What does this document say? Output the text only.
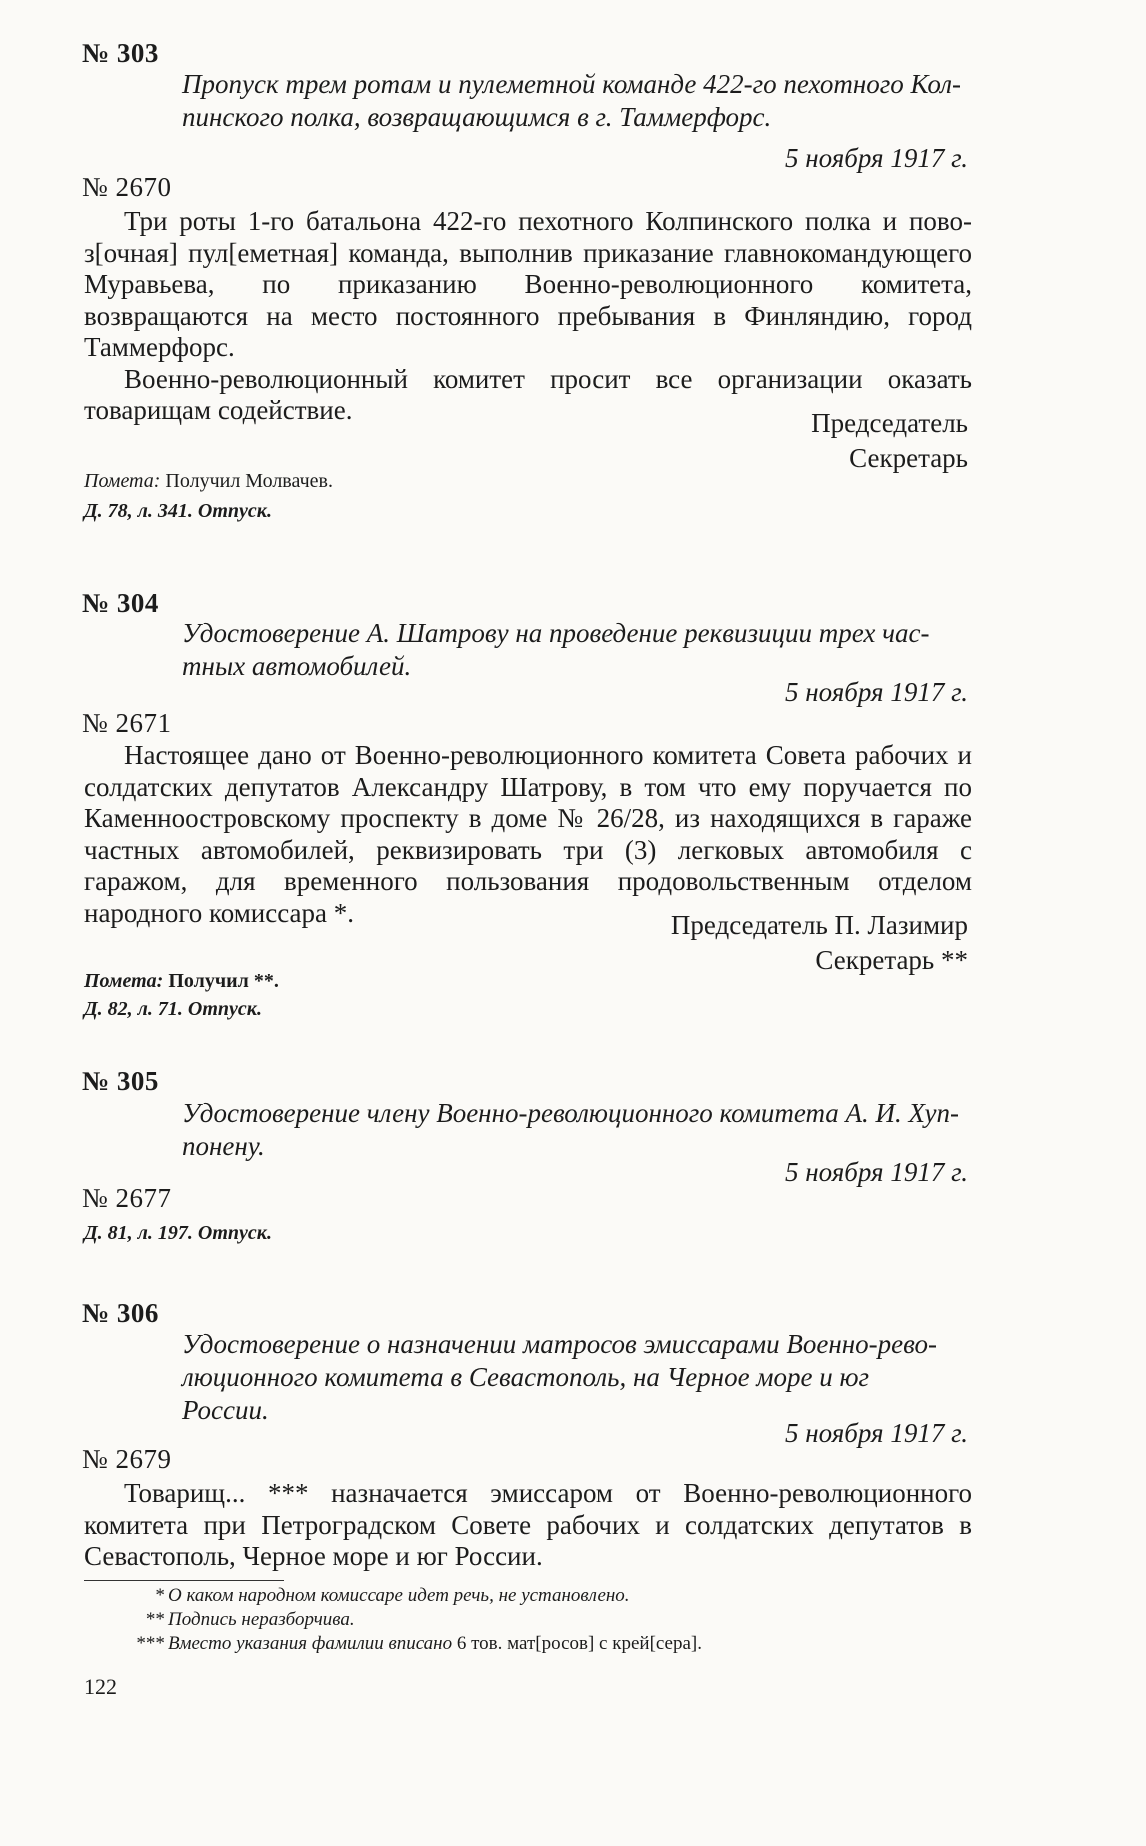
№ 303
Пропуск трем ротам и пулеметной команде 422-го пехотного Кол-
пинского полка, возвращающимся в г. Таммерфорс.
5 ноября 1917 г.
№ 2670

Три роты 1-го батальона 422-го пехотного Колпинского полка и пово-з[очная] пул[еметная] команда, выполнив приказание главнокомандующего Муравьева, по приказанию Военно-революционного комитета, возвращаются на место постоянного пребывания в Финляндию, город Таммерфорс.

Военно-революционный комитет просит все организации оказать товарищам содействие.	Председатель
Секретарь
Помета: Получил Молвачев.
Д. 78, л. 341. Отпуск.
№ 304
Удостоверение А. Шатрову на проведение реквизиции трех час-
тных автомобилей.
5 ноября 1917 г.
№ 2671

Настоящее дано от Военно-революционного комитета Совета рабочих и солдатских депутатов Александру Шатрову, в том что ему поручается по Каменноостровскому проспекту в доме № 26/28, из находящихся в гараже частных автомобилей, реквизировать три (3) легковых автомобиля с гаражом, для временного пользования продовольственным отделом народного комиссара *.	Председатель П. Лазимир
Секретарь **
Пометa: Получил **.
Д. 82, л. 71. Отпуск.
№ 305
Удостоверение члену Военно-революционного комитета А. И. Хуп-
понену.
5 ноября 1917 г.
№ 2677
Д. 81, л. 197. Отпуск.
№ 306
Удостоверение о назначении матросов эмиссарами Военно-рево-
люционного комитета в Севастополь, на Черное море и юг
России.
5 ноября 1917 г.
№ 2679

Товарищ... *** назначается эмиссаром от Военно-революционного комитета при Петроградском Совете рабочих и солдатских депутатов в Севастополь, Черное море и юг России.

* О каком народном комиссаре идет речь, не установлено.
** Подпись неразборчива.
*** Вместо указания фамилии вписано 6 тов. мат[росов] с крей[сера].
122
